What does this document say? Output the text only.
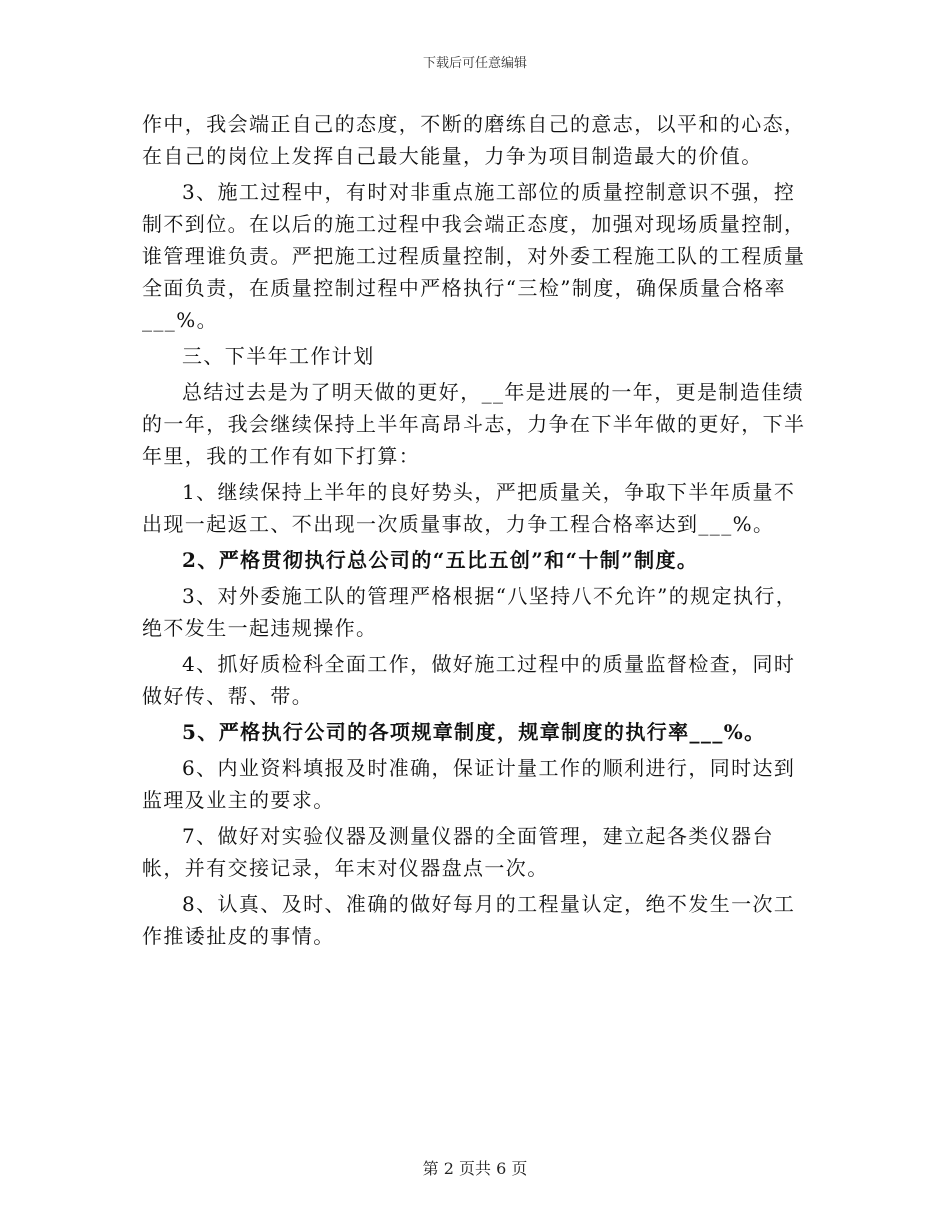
下载后可任意编辑

作中，我会端正自己的态度，不断的磨练自己的意志，以平和的心态，在自己的岗位上发挥自己最大能量，力争为项目制造最大的价值。

3、施工过程中，有时对非重点施工部位的质量控制意识不强，控制不到位。在以后的施工过程中我会端正态度，加强对现场质量控制，谁管理谁负责。严把施工过程质量控制，对外委工程施工队的工程质量全面负责，在质量控制过程中严格执行“三检”制度，确保质量合格率___%。

三、下半年工作计划

总结过去是为了明天做的更好，__年是进展的一年，更是制造佳绩的一年，我会继续保持上半年高昂斗志，力争在下半年做的更好，下半年里，我的工作有如下打算：

1、继续保持上半年的良好势头，严把质量关，争取下半年质量不出现一起返工、不出现一次质量事故，力争工程合格率达到___%。

2、严格贯彻执行总公司的“五比五创”和“十制”制度。

3、对外委施工队的管理严格根据“八坚持八不允许”的规定执行，绝不发生一起违规操作。

4、抓好质检科全面工作，做好施工过程中的质量监督检查，同时做好传、帮、带。

5、严格执行公司的各项规章制度，规章制度的执行率___%。

6、内业资料填报及时准确，保证计量工作的顺利进行，同时达到监理及业主的要求。

7、做好对实验仪器及测量仪器的全面管理，建立起各类仪器台帐，并有交接记录，年末对仪器盘点一次。

8、认真、及时、准确的做好每月的工程量认定，绝不发生一次工作推诿扯皮的事情。

第 2 页共 6 页
